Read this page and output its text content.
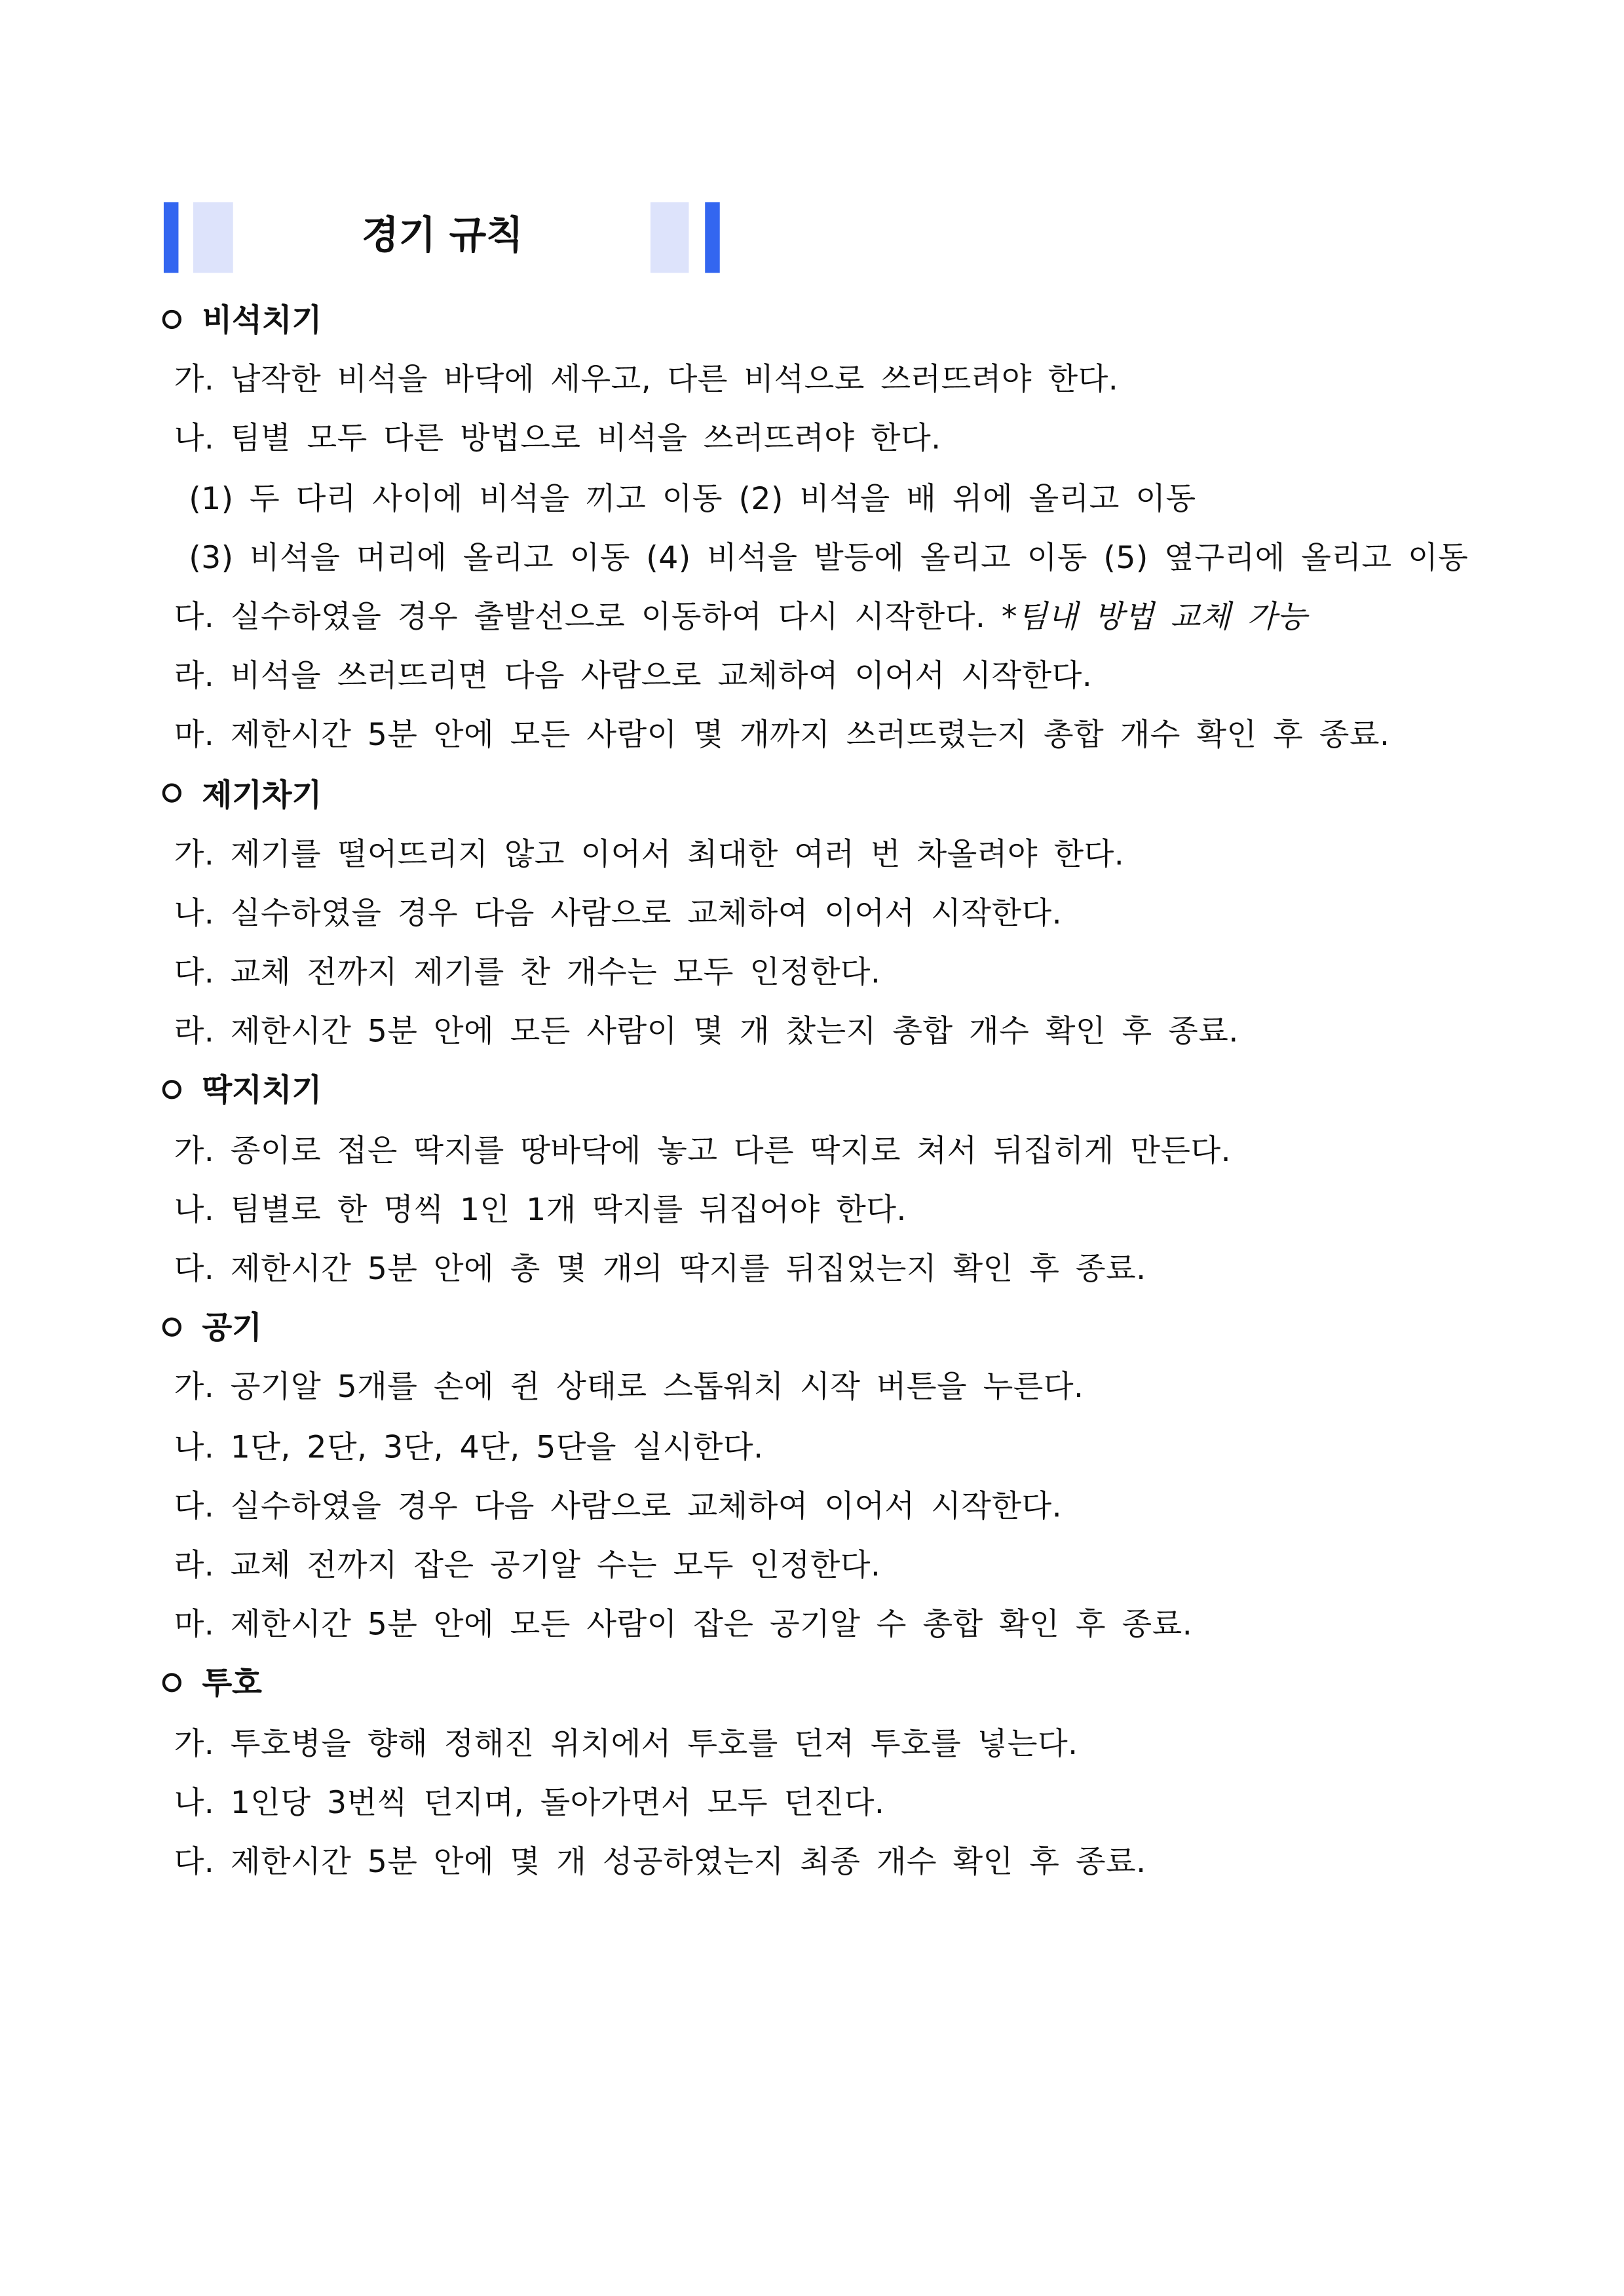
경기 규칙
비석치기
가. 납작한 비석을 바닥에 세우고, 다른 비석으로 쓰러뜨려야 한다.
나. 팀별 모두 다른 방법으로 비석을 쓰러뜨려야 한다.
(1) 두 다리 사이에 비석을 끼고 이동 (2) 비석을 배 위에 올리고 이동
(3) 비석을 머리에 올리고 이동 (4) 비석을 발등에 올리고 이동 (5) 옆구리에 올리고 이동
다. 실수하였을 경우 출발선으로 이동하여 다시 시작한다. *팀내 방법 교체 가능
라. 비석을 쓰러뜨리면 다음 사람으로 교체하여 이어서 시작한다.
마. 제한시간 5분 안에 모든 사람이 몇 개까지 쓰러뜨렸는지 총합 개수 확인 후 종료.
제기차기
가. 제기를 떨어뜨리지 않고 이어서 최대한 여러 번 차올려야 한다.
나. 실수하였을 경우 다음 사람으로 교체하여 이어서 시작한다.
다. 교체 전까지 제기를 찬 개수는 모두 인정한다.
라. 제한시간 5분 안에 모든 사람이 몇 개 찼는지 총합 개수 확인 후 종료.
딱지치기
가. 종이로 접은 딱지를 땅바닥에 놓고 다른 딱지로 쳐서 뒤집히게 만든다.
나. 팀별로 한 명씩 1인 1개 딱지를 뒤집어야 한다.
다. 제한시간 5분 안에 총 몇 개의 딱지를 뒤집었는지 확인 후 종료.
공기
가. 공기알 5개를 손에 쥔 상태로 스톱워치 시작 버튼을 누른다.
나. 1단, 2단, 3단, 4단, 5단을 실시한다.
다. 실수하였을 경우 다음 사람으로 교체하여 이어서 시작한다.
라. 교체 전까지 잡은 공기알 수는 모두 인정한다.
마. 제한시간 5분 안에 모든 사람이 잡은 공기알 수 총합 확인 후 종료.
투호
가. 투호병을 향해 정해진 위치에서 투호를 던져 투호를 넣는다.
나. 1인당 3번씩 던지며, 돌아가면서 모두 던진다.
다. 제한시간 5분 안에 몇 개 성공하였는지 최종 개수 확인 후 종료.
